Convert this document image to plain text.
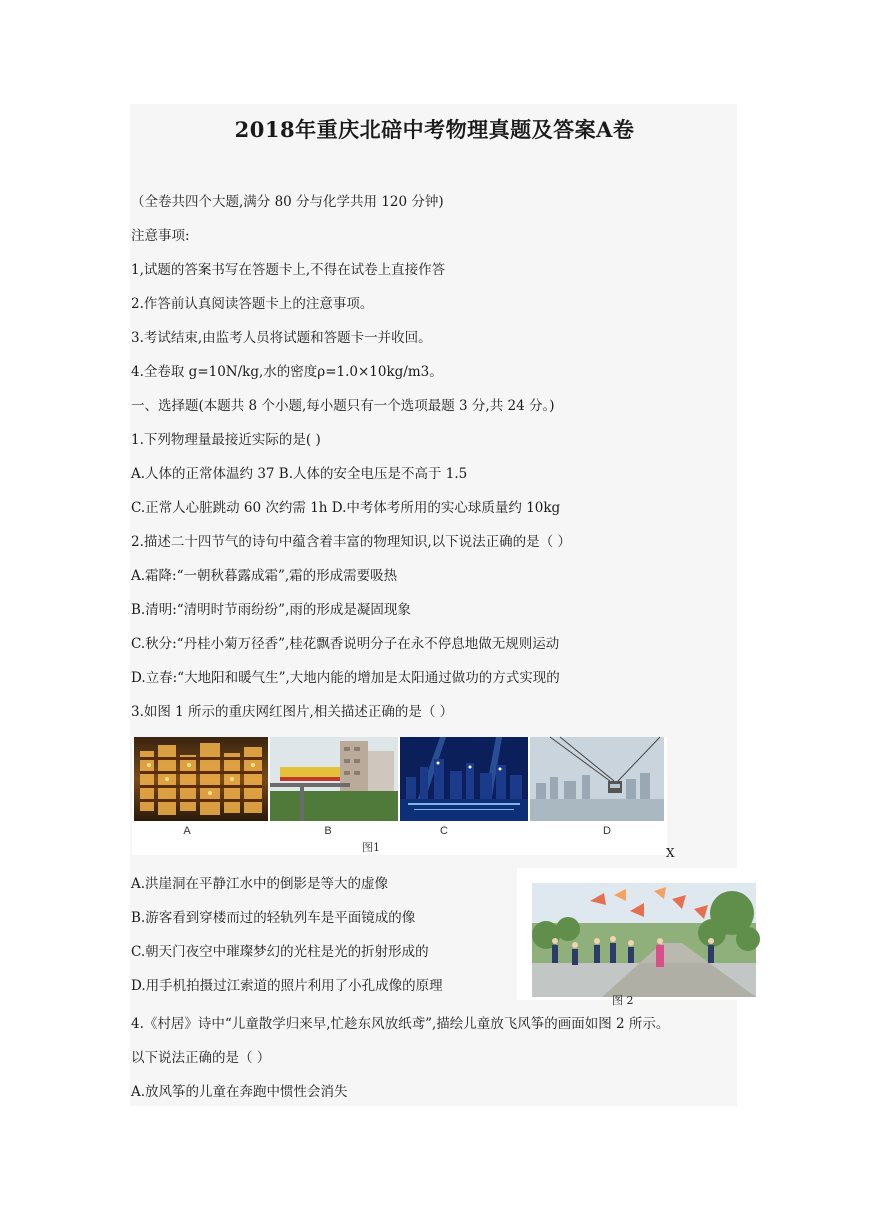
2018年重庆北碚中考物理真题及答案A卷
（全卷共四个大题,满分 80 分与化学共用 120 分钟)
注意事项:
1,试题的答案书写在答题卡上,不得在试卷上直接作答
2.作答前认真阅读答题卡上的注意事项。
3.考试结束,由监考人员将试题和答题卡一并收回。
4.全卷取 g=10N/kg,水的密度ρ=1.0×10kg/m3。
一、选择题(本题共 8 个小题,每小题只有一个选项最题 3 分,共 24 分。)
1.下列物理量最接近实际的是( )
A.人体的正常体温约 37 B.人体的安全电压是不高于 1.5
C.正常人心脏跳动 60 次约需 1h D.中考体考所用的实心球质量约 10kg
2.描述二十四节气的诗句中蕴含着丰富的物理知识,以下说法正确的是（ ）
A.霜降:“一朝秋暮露成霜”,霜的形成需要吸热
B.清明:“清明时节雨纷纷”,雨的形成是凝固现象
C.秋分:“丹桂小菊万径香”,桂花飘香说明分子在永不停息地做无规则运动
D.立春:“大地阳和暖气生”,大地内能的增加是太阳通过做功的方式实现的
3.如图 1 所示的重庆网红图片,相关描述正确的是（ ）
A	B	C	D
图1	X
A.洪崖洞在平静江水中的倒影是等大的虚像
B.游客看到穿楼而过的轻轨列车是平面镜成的像
C.朝天门夜空中璀璨梦幻的光柱是光的折射形成的
D.用手机拍摄过江索道的照片利用了小孔成像的原理
4.《村居》诗中“儿童散学归来早,忙趁东风放纸鸢”,描绘儿童放飞风筝的画面如图 2 所示。
以下说法正确的是（ ）
A.放风筝的儿童在奔跑中惯性会消失
